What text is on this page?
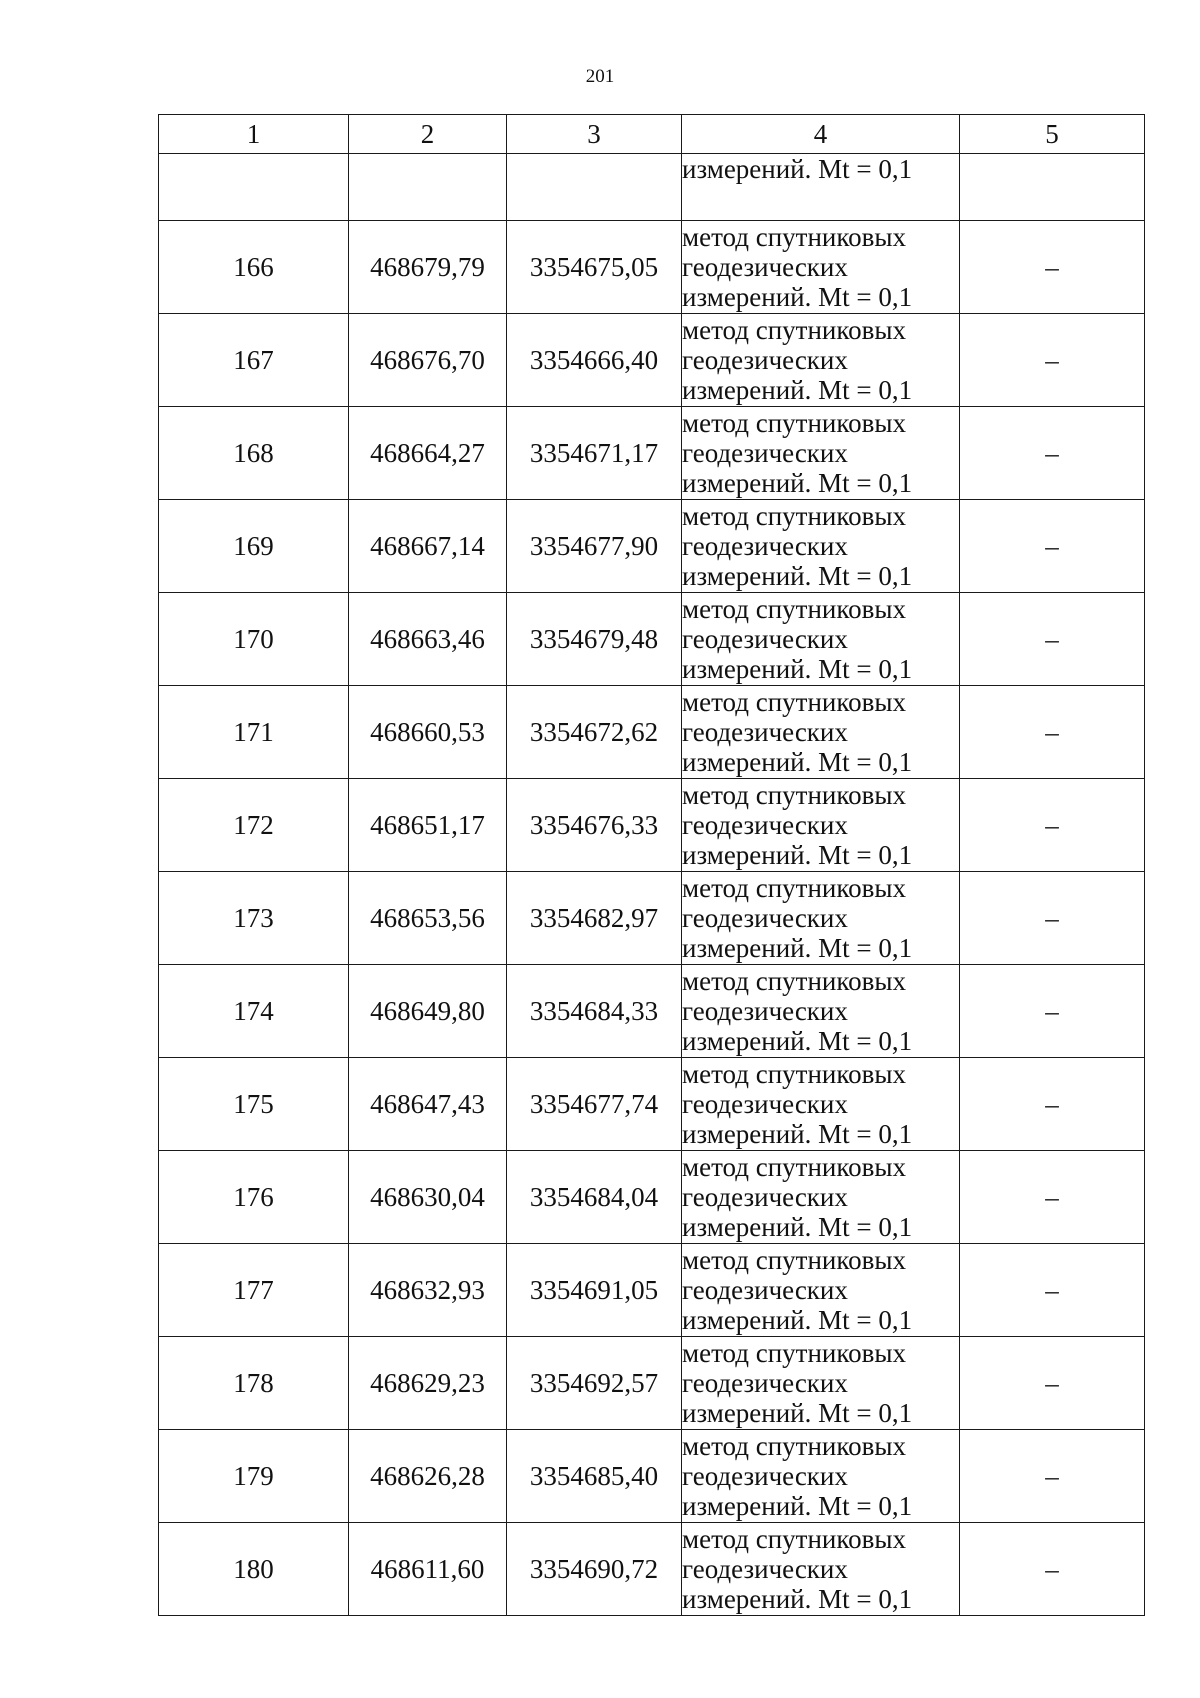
201
1	2	3	4	5
			измерений. Mt = 0,1	
166	468679,79	3354675,05	метод спутниковых
геодезических
измерений. Mt = 0,1	–
167	468676,70	3354666,40	метод спутниковых
геодезических
измерений. Mt = 0,1	–
168	468664,27	3354671,17	метод спутниковых
геодезических
измерений. Mt = 0,1	–
169	468667,14	3354677,90	метод спутниковых
геодезических
измерений. Mt = 0,1	–
170	468663,46	3354679,48	метод спутниковых
геодезических
измерений. Mt = 0,1	–
171	468660,53	3354672,62	метод спутниковых
геодезических
измерений. Mt = 0,1	–
172	468651,17	3354676,33	метод спутниковых
геодезических
измерений. Mt = 0,1	–
173	468653,56	3354682,97	метод спутниковых
геодезических
измерений. Mt = 0,1	–
174	468649,80	3354684,33	метод спутниковых
геодезических
измерений. Mt = 0,1	–
175	468647,43	3354677,74	метод спутниковых
геодезических
измерений. Mt = 0,1	–
176	468630,04	3354684,04	метод спутниковых
геодезических
измерений. Mt = 0,1	–
177	468632,93	3354691,05	метод спутниковых
геодезических
измерений. Mt = 0,1	–
178	468629,23	3354692,57	метод спутниковых
геодезических
измерений. Mt = 0,1	–
179	468626,28	3354685,40	метод спутниковых
геодезических
измерений. Mt = 0,1	–
180	468611,60	3354690,72	метод спутниковых
геодезических
измерений. Mt = 0,1	–
